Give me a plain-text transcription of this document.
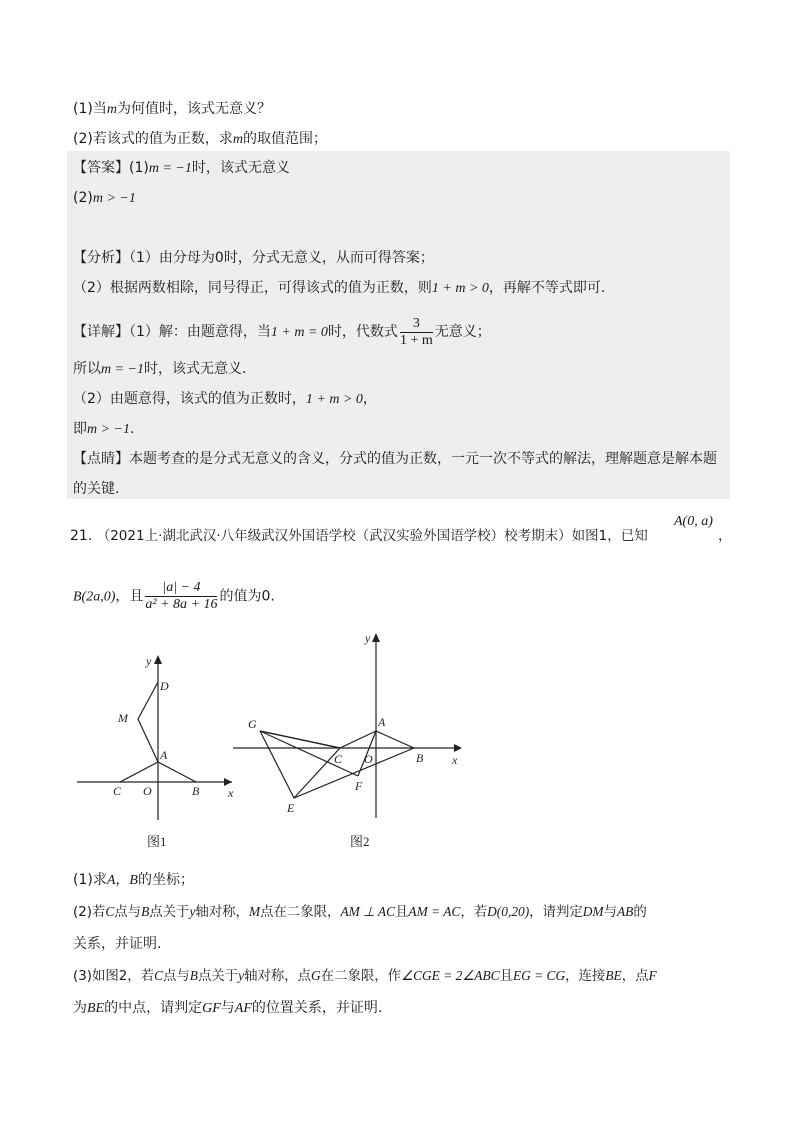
(1)当m为何值时，该式无意义？
(2)若该式的值为正数，求m的取值范围；
【答案】(1)m = −1时，该式无意义
(2)m > −1
【分析】（1）由分母为0时，分式无意义，从而可得答案；
（2）根据两数相除，同号得正，可得该式的值为正数，则1 + m > 0，再解不等式即可.
【详解】（1）解：由题意得，当1 + m = 0时，代数式 $\frac{3}{1 + m}$ 无意义；
所以m = −1时，该式无意义.
（2）由题意得，该式的值为正数时，1 + m > 0，
即m > −1.
【点睛】本题考查的是分式无意义的含义，分式的值为正数，一元一次不等式的解法，理解题意是解本题
的关键.
21. （2021上·湖北武汉·八年级武汉外国语学校（武汉实验外国语学校）校考期末）如图1，已知
A(0, a)
，
B(2a,0)，且 $\frac{|a| - 4}{\text{a² + 8a + 16}}$ 的值为0.
y
D
M
A
C O	B x
图1
y
G	A
C O	B x
F
E
图2
(1)求A，B的坐标；
(2)若C点与B点关于y轴对称，M点在二象限，AM ⊥ AC且AM = AC，若D(0,20)，请判定DM与AB的
关系，并证明.
(3)如图2，若C点与B点关于y轴对称，点G在二象限，作∠CGE = 2∠ABC且EG = CG，连接BE，点F
为BE的中点，请判定GF与AF的位置关系，并证明.
